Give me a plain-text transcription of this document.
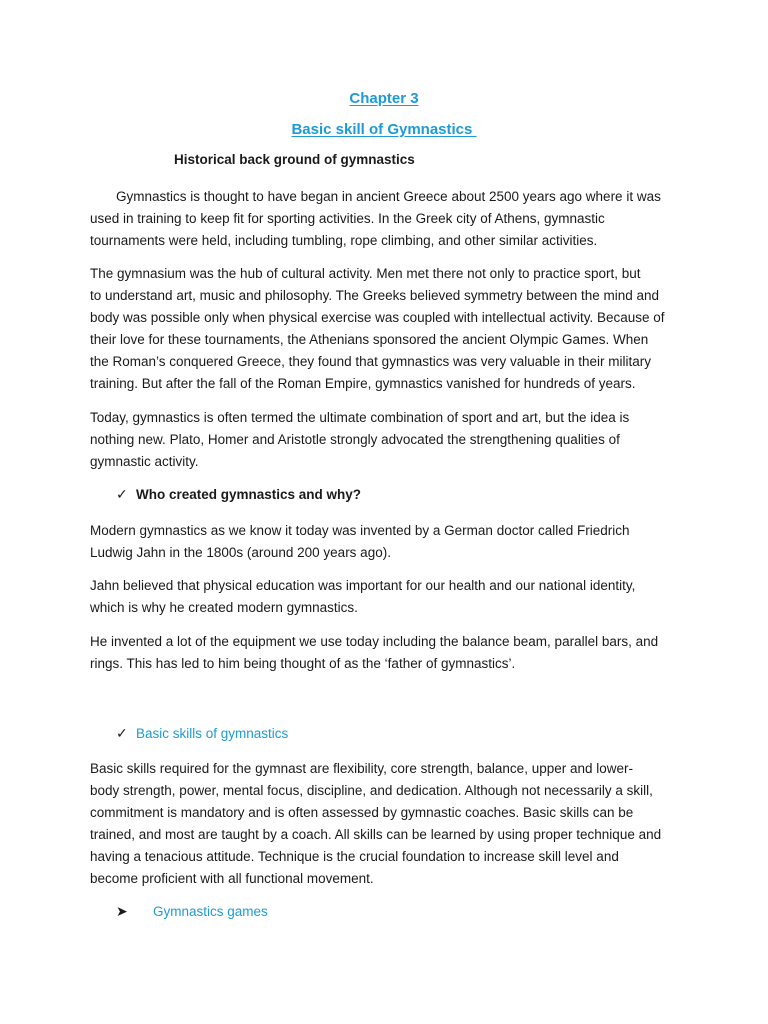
Chapter 3
Basic skill of Gymnastics
Historical back ground of gymnastics

Gymnastics is thought to have began in ancient Greece about 2500 years ago where it was
used in training to keep fit for sporting activities. In the Greek city of Athens, gymnastic
tournaments were held, including tumbling, rope climbing, and other similar activities.

The gymnasium was the hub of cultural activity. Men met there not only to practice sport, but
to understand art, music and philosophy. The Greeks believed symmetry between the mind and
body was possible only when physical exercise was coupled with intellectual activity. Because of
their love for these tournaments, the Athenians sponsored the ancient Olympic Games. When
the Roman’s conquered Greece, they found that gymnastics was very valuable in their military
training. But after the fall of the Roman Empire, gymnastics vanished for hundreds of years.

Today, gymnastics is often termed the ultimate combination of sport and art, but the idea is
nothing new. Plato, Homer and Aristotle strongly advocated the strengthening qualities of
gymnastic activity.

✓ Who created gymnastics and why?

Modern gymnastics as we know it today was invented by a German doctor called Friedrich
Ludwig Jahn in the 1800s (around 200 years ago).

Jahn believed that physical education was important for our health and our national identity,
which is why he created modern gymnastics.

He invented a lot of the equipment we use today including the balance beam, parallel bars, and
rings. This has led to him being thought of as the ‘father of gymnastics’.

✓ Basic skills of gymnastics

Basic skills required for the gymnast are flexibility, core strength, balance, upper and lower-
body strength, power, mental focus, discipline, and dedication. Although not necessarily a skill,
commitment is mandatory and is often assessed by gymnastic coaches. Basic skills can be
trained, and most are taught by a coach. All skills can be learned by using proper technique and
having a tenacious attitude. Technique is the crucial foundation to increase skill level and
become proficient with all functional movement.

➤	Gymnastics games
